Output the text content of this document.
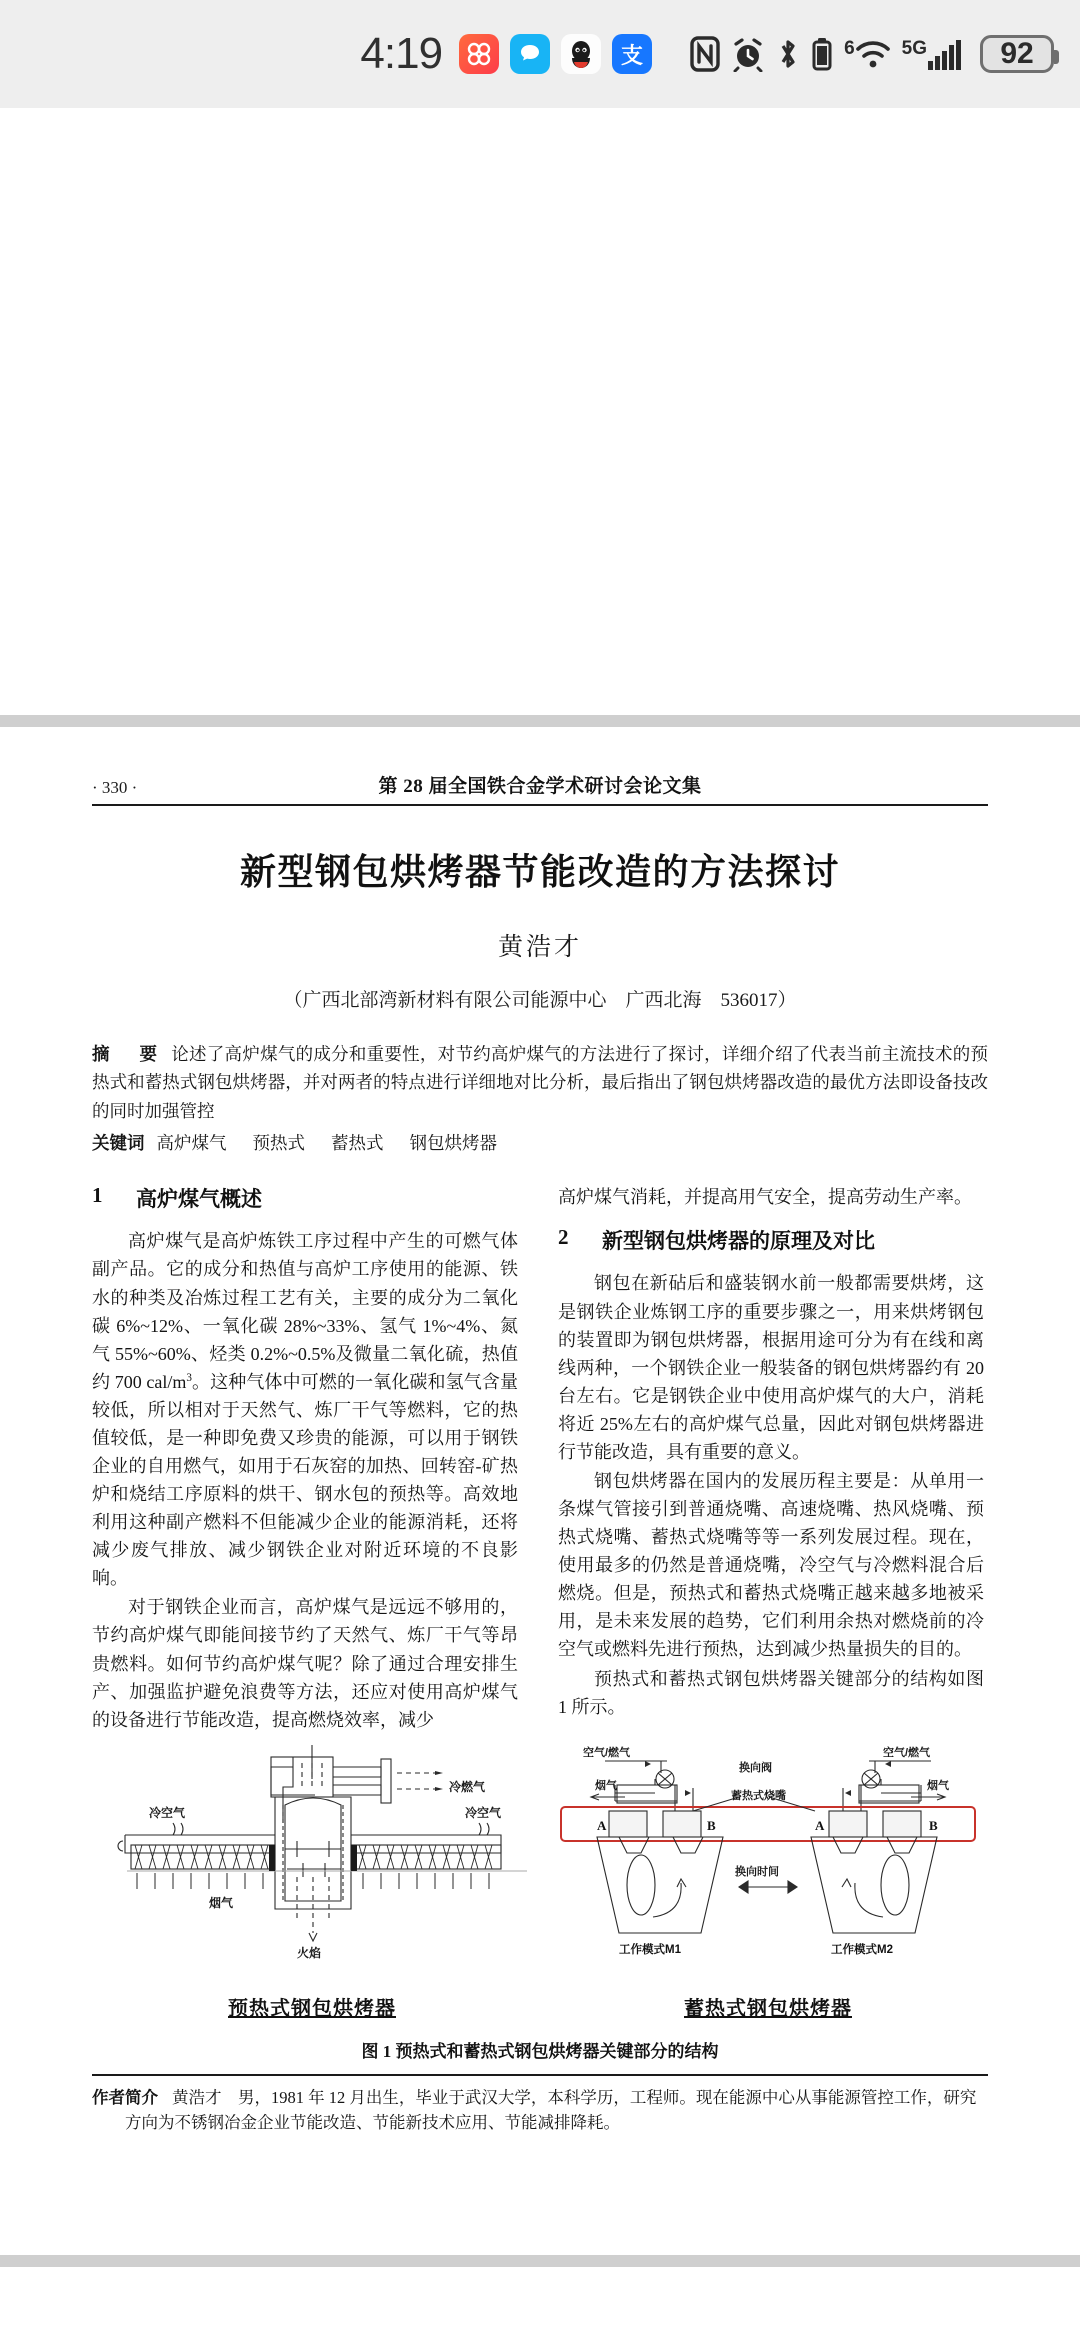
4:19	支	6 5G 92
· 330 ·	第 28 届全国铁合金学术研讨会论文集
新型钢包烘烤器节能改造的方法探讨
黄浩才
（广西北部湾新材料有限公司能源中心　广西北海　536017）
摘　要 论述了高炉煤气的成分和重要性，对节约高炉煤气的方法进行了探讨，详细介绍了代表当前主流技术的预热式和蓄热式钢包烘烤器，并对两者的特点进行详细地对比分析，最后指出了钢包烘烤器改造的最优方法即设备技改的同时加强管控
关键词 高炉煤气 预热式 蓄热式 钢包烘烤器
1	高炉煤气概述

高炉煤气是高炉炼铁工序过程中产生的可燃气体副产品。它的成分和热值与高炉工序使用的能源、铁水的种类及冶炼过程工艺有关，主要的成分为二氧化碳 6%~12%、一氧化碳 28%~33%、氢气 1%~4%、氮气 55%~60%、烃类 0.2%~0.5%及微量二氧化硫，热值约 700 cal/$m^3$。这种气体中可燃的一氧化碳和氢气含量较低，所以相对于天然气、炼厂干气等燃料，它的热值较低，是一种即免费又珍贵的能源，可以用于钢铁企业的自用燃气，如用于石灰窑的加热、回转窑-矿热炉和烧结工序原料的烘干、钢水包的预热等。高效地利用这种副产燃料不但能减少企业的能源消耗，还将减少废气排放、减少钢铁企业对附近环境的不良影响。

对于钢铁企业而言，高炉煤气是远远不够用的，节约高炉煤气即能间接节约了天然气、炼厂干气等昂贵燃料。如何节约高炉煤气呢？除了通过合理安排生产、加强监护避免浪费等方法，还应对使用高炉煤气的设备进行节能改造，提高燃烧效率，减少

高炉煤气消耗，并提高用气安全，提高劳动生产率。

2	新型钢包烘烤器的原理及对比

钢包在新砧后和盛装钢水前一般都需要烘烤，这是钢铁企业炼钢工序的重要步骤之一，用来烘烤钢包的装置即为钢包烘烤器，根据用途可分为有在线和离线两种，一个钢铁企业一般装备的钢包烘烤器约有 20 台左右。它是钢铁企业中使用高炉煤气的大户，消耗将近 25%左右的高炉煤气总量，因此对钢包烘烤器进行节能改造，具有重要的意义。

钢包烘烤器在国内的发展历程主要是：从单用一条煤气管接引到普通烧嘴、高速烧嘴、热风烧嘴、预热式烧嘴、蓄热式烧嘴等等一系列发展过程。现在，使用最多的仍然是普通烧嘴，冷空气与冷燃料混合后燃烧。但是，预热式和蓄热式烧嘴正越来越多地被采用，是未来发展的趋势，它们利用余热对燃烧前的冷空气或燃料先进行预热，达到减少热量损失的目的。

预热式和蓄热式钢包烘烤器关键部分的结构如图 1 所示。

冷燃气
冷空气	冷空气
烟气
火焰
预热式钢包烘烤器
空气/燃气	空气/燃气
换向阀
蓄热式烧嘴
烟气	烟气
换向时间
A	B	A	B
工作模式M1	工作模式M2
蓄热式钢包烘烤器
图 1 预热式和蓄热式钢包烘烤器关键部分的结构
作者简介 黄浩才　男，1981 年 12 月出生，毕业于武汉大学，本科学历，工程师。现在能源中心从事能源管控工作，研究
方向为不锈钢冶金企业节能改造、节能新技术应用、节能减排降耗。
